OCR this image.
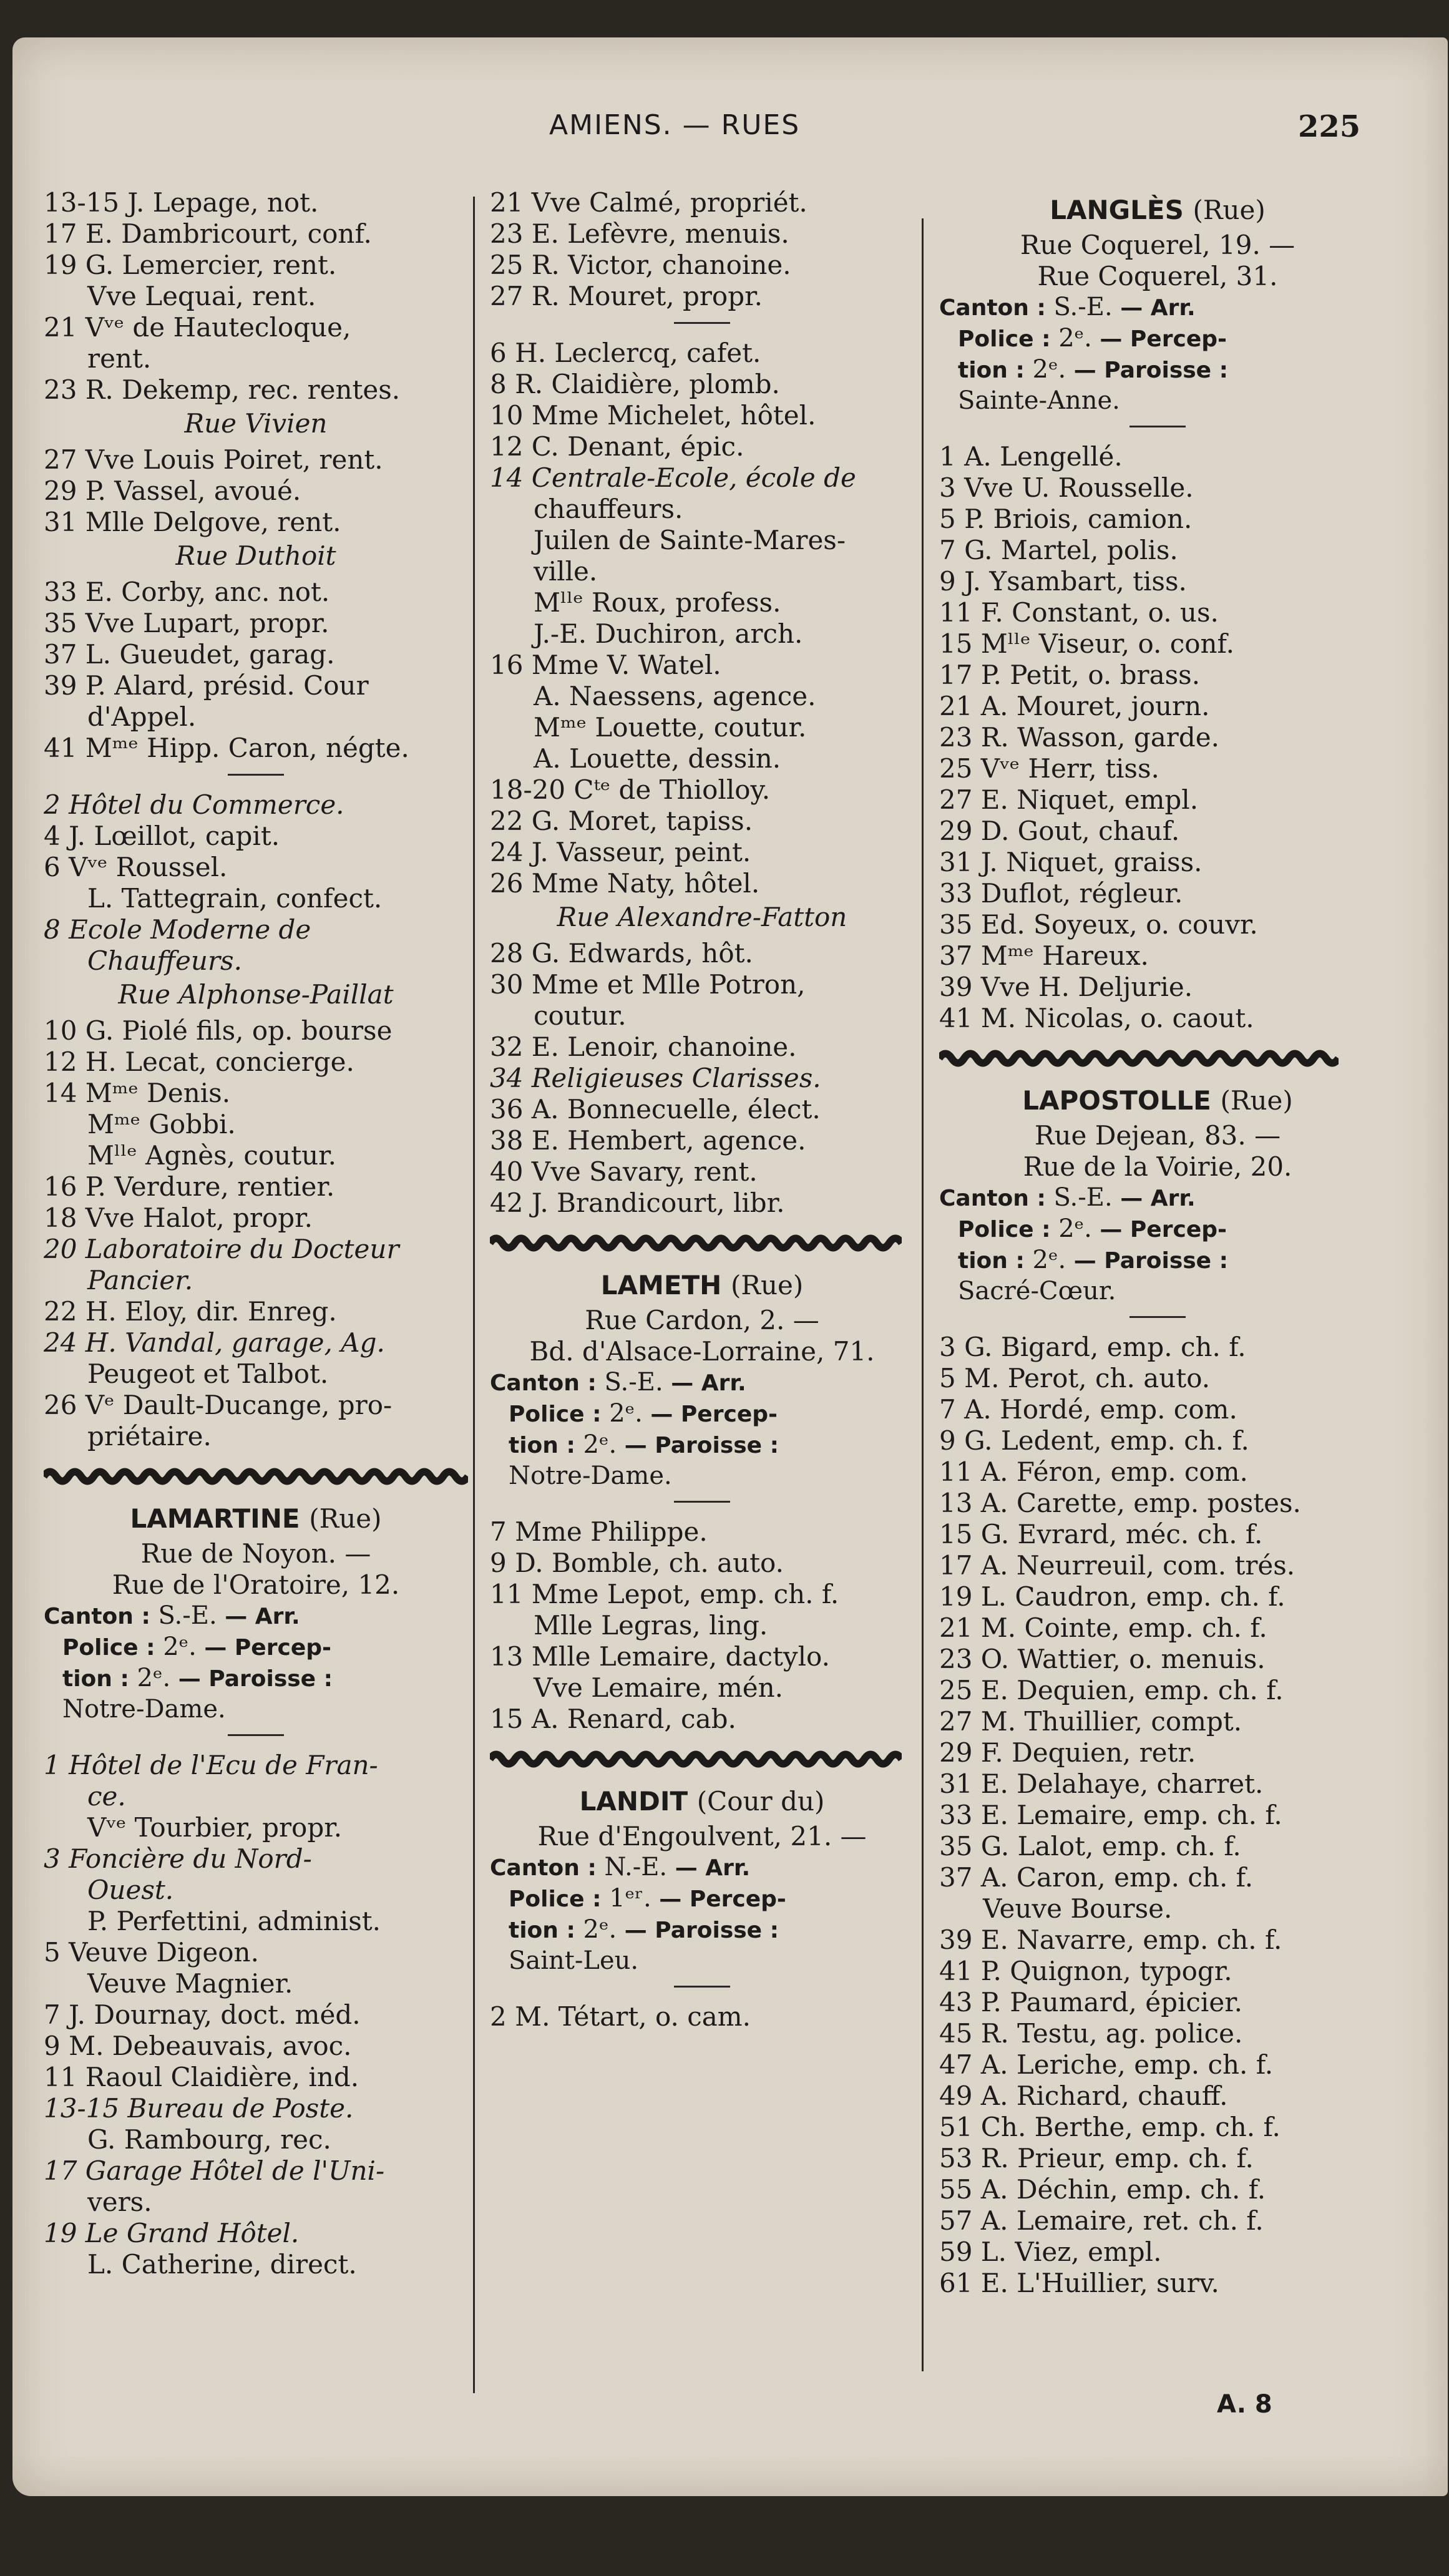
AMIENS. — RUES	225
13-15 J. Lepage, not.
17 E. Dambricourt, conf.
19 G. Lemercier, rent.
Vve Lequai, rent.
21 Vᵛᵉ de Hautecloque,
rent.
23 R. Dekemp, rec. rentes.
Rue Vivien
27 Vve Louis Poiret, rent.
29 P. Vassel, avoué.
31 Mlle Delgove, rent.
Rue Duthoit
33 E. Corby, anc. not.
35 Vve Lupart, propr.
37 L. Gueudet, garag.
39 P. Alard, présid. Cour
d'Appel.
41 Mᵐᵉ Hipp. Caron, négte.
2 Hôtel du Commerce.
4 J. Lœillot, capit.
6 Vᵛᵉ Roussel.
L. Tattegrain, confect.
8 Ecole Moderne de
Chauffeurs.
Rue Alphonse-Paillat
10 G. Piolé fils, op. bourse
12 H. Lecat, concierge.
14 Mᵐᵉ Denis.
Mᵐᵉ Gobbi.
Mˡˡᵉ Agnès, coutur.
16 P. Verdure, rentier.
18 Vve Halot, propr.
20 Laboratoire du Docteur
Pancier.
22 H. Eloy, dir. Enreg.
24 H. Vandal, garage, Ag.
Peugeot et Talbot.
26 Vᵉ Dault-Ducange, pro-
priétaire.
LAMARTINE (Rue)
Rue de Noyon. —
Rue de l'Oratoire, 12.
Canton : S.-E. — Arr.
Police : 2ᵉ. — Percep-
tion : 2ᵉ. — Paroisse :
Notre-Dame.
1 Hôtel de l'Ecu de Fran-
ce.
Vᵛᵉ Tourbier, propr.
3 Foncière du Nord-
Ouest.
P. Perfettini, administ.
5 Veuve Digeon.
Veuve Magnier.
7 J. Dournay, doct. méd.
9 M. Debeauvais, avoc.
11 Raoul Claidière, ind.
13-15 Bureau de Poste.
G. Rambourg, rec.
17 Garage Hôtel de l'Uni-
vers.
19 Le Grand Hôtel.
L. Catherine, direct.
21 Vve Calmé, propriét.
23 E. Lefèvre, menuis.
25 R. Victor, chanoine.
27 R. Mouret, propr.
6 H. Leclercq, cafet.
8 R. Claidière, plomb.
10 Mme Michelet, hôtel.
12 C. Denant, épic.
14 Centrale-Ecole, école de
chauffeurs.
Juilen de Sainte-Mares-
ville.
Mˡˡᵉ Roux, profess.
J.-E. Duchiron, arch.
16 Mme V. Watel.
A. Naessens, agence.
Mᵐᵉ Louette, coutur.
A. Louette, dessin.
18-20 Cᵗᵉ de Thiolloy.
22 G. Moret, tapiss.
24 J. Vasseur, peint.
26 Mme Naty, hôtel.
Rue Alexandre-Fatton
28 G. Edwards, hôt.
30 Mme et Mlle Potron,
coutur.
32 E. Lenoir, chanoine.
34 Religieuses Clarisses.
36 A. Bonnecuelle, élect.
38 E. Hembert, agence.
40 Vve Savary, rent.
42 J. Brandicourt, libr.
LAMETH (Rue)
Rue Cardon, 2. —
Bd. d'Alsace-Lorraine, 71.
Canton : S.-E. — Arr.
Police : 2ᵉ. — Percep-
tion : 2ᵉ. — Paroisse :
Notre-Dame.
7 Mme Philippe.
9 D. Bomble, ch. auto.
11 Mme Lepot, emp. ch. f.
Mlle Legras, ling.
13 Mlle Lemaire, dactylo.
Vve Lemaire, mén.
15 A. Renard, cab.
LANDIT (Cour du)
Rue d'Engoulvent, 21. —
Canton : N.-E. — Arr.
Police : 1ᵉʳ. — Percep-
tion : 2ᵉ. — Paroisse :
Saint-Leu.
2 M. Tétart, o. cam.
LANGLÈS (Rue)
Rue Coquerel, 19. —
Rue Coquerel, 31.
Canton : S.-E. — Arr.
Police : 2ᵉ. — Percep-
tion : 2ᵉ. — Paroisse :
Sainte-Anne.
1 A. Lengellé.
3 Vve U. Rousselle.
5 P. Briois, camion.
7 G. Martel, polis.
9 J. Ysambart, tiss.
11 F. Constant, o. us.
15 Mˡˡᵉ Viseur, o. conf.
17 P. Petit, o. brass.
21 A. Mouret, journ.
23 R. Wasson, garde.
25 Vᵛᵉ Herr, tiss.
27 E. Niquet, empl.
29 D. Gout, chauf.
31 J. Niquet, graiss.
33 Duflot, régleur.
35 Ed. Soyeux, o. couvr.
37 Mᵐᵉ Hareux.
39 Vve H. Deljurie.
41 M. Nicolas, o. caout.
LAPOSTOLLE (Rue)
Rue Dejean, 83. —
Rue de la Voirie, 20.
Canton : S.-E. — Arr.
Police : 2ᵉ. — Percep-
tion : 2ᵉ. — Paroisse :
Sacré-Cœur.
3 G. Bigard, emp. ch. f.
5 M. Perot, ch. auto.
7 A. Hordé, emp. com.
9 G. Ledent, emp. ch. f.
11 A. Féron, emp. com.
13 A. Carette, emp. postes.
15 G. Evrard, méc. ch. f.
17 A. Neurreuil, com. trés.
19 L. Caudron, emp. ch. f.
21 M. Cointe, emp. ch. f.
23 O. Wattier, o. menuis.
25 E. Dequien, emp. ch. f.
27 M. Thuillier, compt.
29 F. Dequien, retr.
31 E. Delahaye, charret.
33 E. Lemaire, emp. ch. f.
35 G. Lalot, emp. ch. f.
37 A. Caron, emp. ch. f.
Veuve Bourse.
39 E. Navarre, emp. ch. f.
41 P. Quignon, typogr.
43 P. Paumard, épicier.
45 R. Testu, ag. police.
47 A. Leriche, emp. ch. f.
49 A. Richard, chauff.
51 Ch. Berthe, emp. ch. f.
53 R. Prieur, emp. ch. f.
55 A. Déchin, emp. ch. f.
57 A. Lemaire, ret. ch. f.
59 L. Viez, empl.
61 E. L'Huillier, surv.
A. 8
